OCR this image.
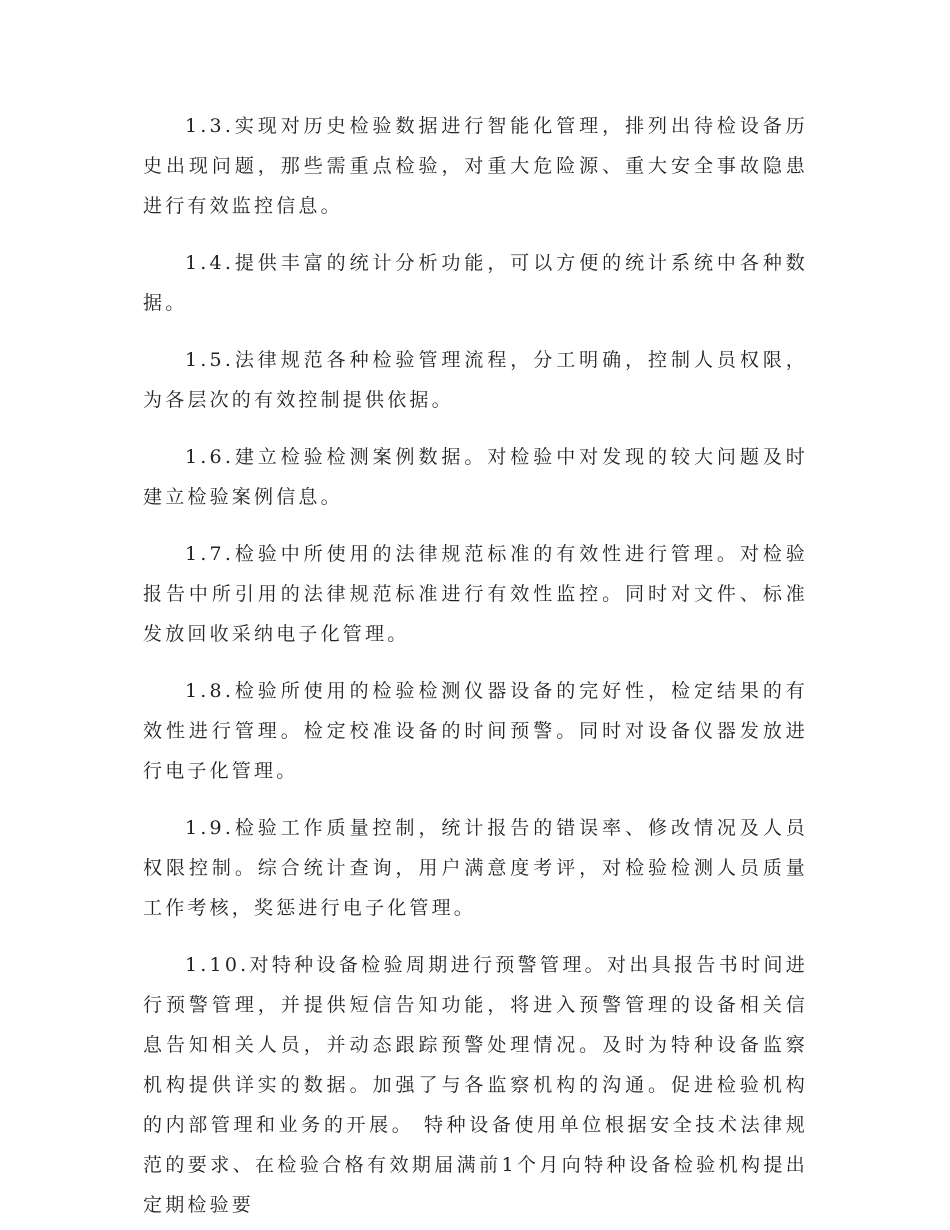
1.3.实现对历史检验数据进行智能化管理，排列出待检设备历史出现问题，那些需重点检验，对重大危险源、重大安全事故隐患进行有效监控信息。

1.4.提供丰富的统计分析功能，可以方便的统计系统中各种数据。

1.5.法律规范各种检验管理流程，分工明确，控制人员权限，为各层次的有效控制提供依据。

1.6.建立检验检测案例数据。对检验中对发现的较大问题及时建立检验案例信息。

1.7.检验中所使用的法律规范标准的有效性进行管理。对检验报告中所引用的法律规范标准进行有效性监控。同时对文件、标准发放回收采纳电子化管理。

1.8.检验所使用的检验检测仪器设备的完好性，检定结果的有效性进行管理。检定校准设备的时间预警。同时对设备仪器发放进行电子化管理。

1.9.检验工作质量控制，统计报告的错误率、修改情况及人员权限控制。综合统计查询，用户满意度考评，对检验检测人员质量工作考核，奖惩进行电子化管理。

1.10.对特种设备检验周期进行预警管理。对出具报告书时间进行预警管理，并提供短信告知功能，将进入预警管理的设备相关信息告知相关人员，并动态跟踪预警处理情况。及时为特种设备监察机构提供详实的数据。加强了与各监察机构的沟通。促进检验机构的内部管理和业务的开展。 特种设备使用单位根据安全技术法律规范的要求、在检验合格有效期届满前1个月向特种设备检验机构提出定期检验要
